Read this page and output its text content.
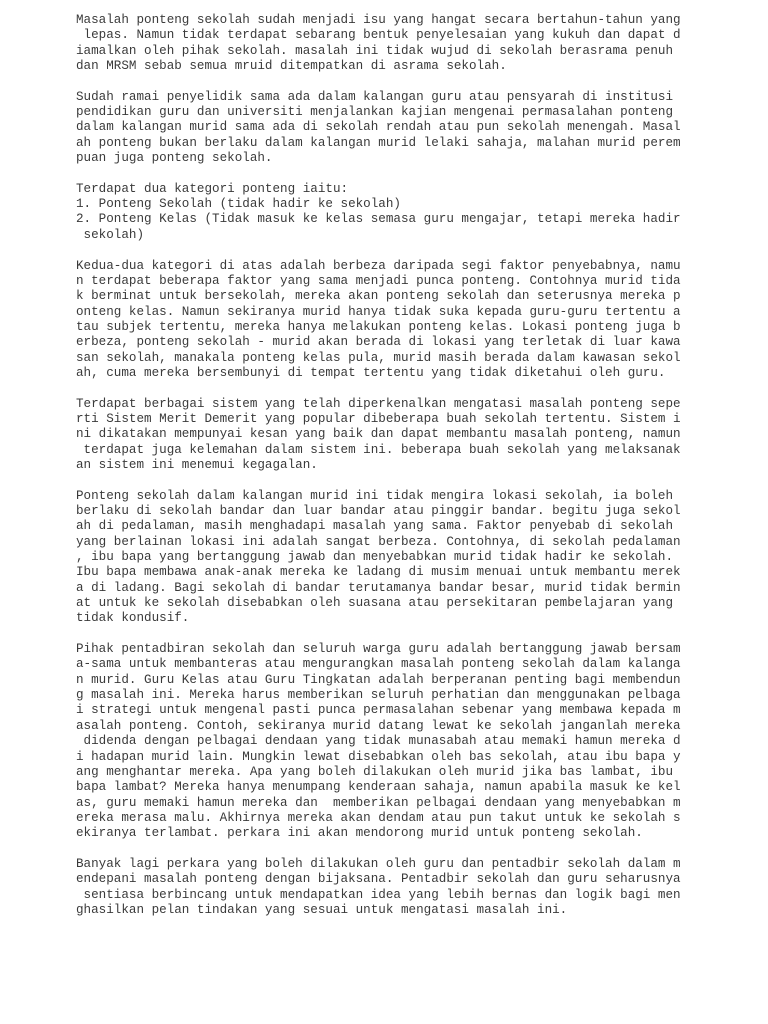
Masalah ponteng sekolah sudah menjadi isu yang hangat secara bertahun-tahun yang
lepas. Namun tidak terdapat sebarang bentuk penyelesaian yang kukuh dan dapat d
iamalkan oleh pihak sekolah. masalah ini tidak wujud di sekolah berasrama penuh
dan MRSM sebab semua mruid ditempatkan di asrama sekolah.
Sudah ramai penyelidik sama ada dalam kalangan guru atau pensyarah di institusi
pendidikan guru dan universiti menjalankan kajian mengenai permasalahan ponteng
dalam kalangan murid sama ada di sekolah rendah atau pun sekolah menengah. Masal
ah ponteng bukan berlaku dalam kalangan murid lelaki sahaja, malahan murid perem
puan juga ponteng sekolah.
Terdapat dua kategori ponteng iaitu:
1. Ponteng Sekolah (tidak hadir ke sekolah)
2. Ponteng Kelas (Tidak masuk ke kelas semasa guru mengajar, tetapi mereka hadir
sekolah)
Kedua-dua kategori di atas adalah berbeza daripada segi faktor penyebabnya, namu
n terdapat beberapa faktor yang sama menjadi punca ponteng. Contohnya murid tida
k berminat untuk bersekolah, mereka akan ponteng sekolah dan seterusnya mereka p
onteng kelas. Namun sekiranya murid hanya tidak suka kepada guru-guru tertentu a
tau subjek tertentu, mereka hanya melakukan ponteng kelas. Lokasi ponteng juga b
erbeza, ponteng sekolah - murid akan berada di lokasi yang terletak di luar kawa
san sekolah, manakala ponteng kelas pula, murid masih berada dalam kawasan sekol
ah, cuma mereka bersembunyi di tempat tertentu yang tidak diketahui oleh guru.
Terdapat berbagai sistem yang telah diperkenalkan mengatasi masalah ponteng sepe
rti Sistem Merit Demerit yang popular dibeberapa buah sekolah tertentu. Sistem i
ni dikatakan mempunyai kesan yang baik dan dapat membantu masalah ponteng, namun
terdapat juga kelemahan dalam sistem ini. beberapa buah sekolah yang melaksanak
an sistem ini menemui kegagalan.
Ponteng sekolah dalam kalangan murid ini tidak mengira lokasi sekolah, ia boleh
berlaku di sekolah bandar dan luar bandar atau pinggir bandar. begitu juga sekol
ah di pedalaman, masih menghadapi masalah yang sama. Faktor penyebab di sekolah
yang berlainan lokasi ini adalah sangat berbeza. Contohnya, di sekolah pedalaman
, ibu bapa yang bertanggung jawab dan menyebabkan murid tidak hadir ke sekolah.
Ibu bapa membawa anak-anak mereka ke ladang di musim menuai untuk membantu merek
a di ladang. Bagi sekolah di bandar terutamanya bandar besar, murid tidak bermin
at untuk ke sekolah disebabkan oleh suasana atau persekitaran pembelajaran yang
tidak kondusif.
Pihak pentadbiran sekolah dan seluruh warga guru adalah bertanggung jawab bersam
a-sama untuk membanteras atau mengurangkan masalah ponteng sekolah dalam kalanga
n murid. Guru Kelas atau Guru Tingkatan adalah berperanan penting bagi membendun
g masalah ini. Mereka harus memberikan seluruh perhatian dan menggunakan pelbaga
i strategi untuk mengenal pasti punca permasalahan sebenar yang membawa kepada m
asalah ponteng. Contoh, sekiranya murid datang lewat ke sekolah janganlah mereka
didenda dengan pelbagai dendaan yang tidak munasabah atau memaki hamun mereka d
i hadapan murid lain. Mungkin lewat disebabkan oleh bas sekolah, atau ibu bapa y
ang menghantar mereka. Apa yang boleh dilakukan oleh murid jika bas lambat, ibu
bapa lambat? Mereka hanya menumpang kenderaan sahaja, namun apabila masuk ke kel
as, guru memaki hamun mereka dan  memberikan pelbagai dendaan yang menyebabkan m
ereka merasa malu. Akhirnya mereka akan dendam atau pun takut untuk ke sekolah s
ekiranya terlambat. perkara ini akan mendorong murid untuk ponteng sekolah.
Banyak lagi perkara yang boleh dilakukan oleh guru dan pentadbir sekolah dalam m
endepani masalah ponteng dengan bijaksana. Pentadbir sekolah dan guru seharusnya
sentiasa berbincang untuk mendapatkan idea yang lebih bernas dan logik bagi men
ghasilkan pelan tindakan yang sesuai untuk mengatasi masalah ini.
